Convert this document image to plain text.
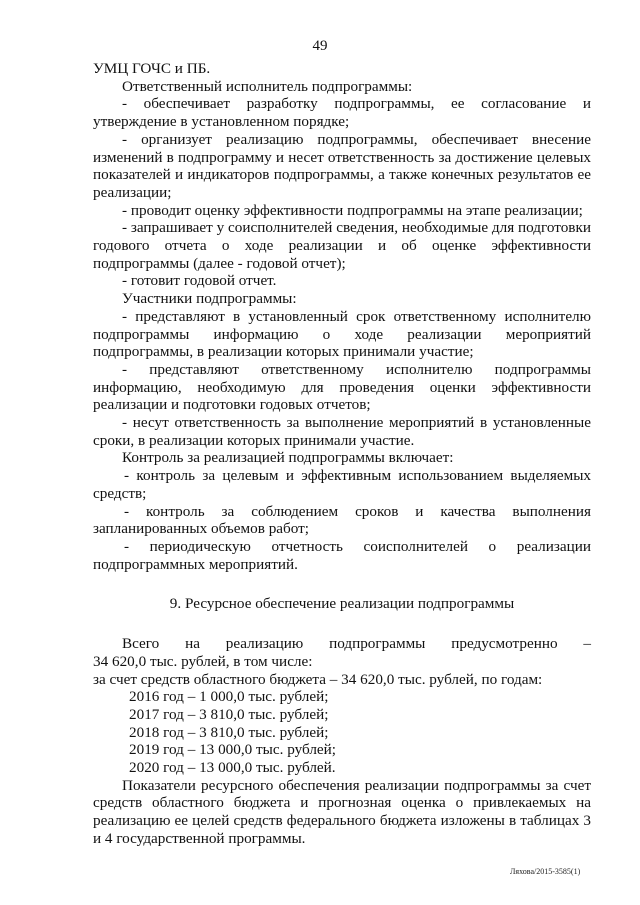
49

УМЦ ГОЧС и ПБ.

Ответственный исполнитель подпрограммы:

- обеспечивает разработку подпрограммы, ее согласование и утверждение в установленном порядке;

- организует реализацию подпрограммы, обеспечивает внесение изменений в подпрограмму и несет ответственность за достижение целевых показателей и индикаторов подпрограммы, а также конечных результатов ее реализации;

- проводит оценку эффективности подпрограммы на этапе реализации;

- запрашивает у соисполнителей сведения, необходимые для подготовки годового отчета о ходе реализации и об оценке эффективности подпрограммы (далее - годовой отчет);

- готовит годовой отчет.

Участники подпрограммы:

- представляют в установленный срок ответственному исполнителю подпрограммы информацию о ходе реализации мероприятий подпрограммы, в реализации которых принимали участие;

- представляют ответственному исполнителю подпрограммы информацию, необходимую для проведения оценки эффективности реализации и подготовки годовых отчетов;

- несут ответственность за выполнение мероприятий в установленные сроки, в реализации которых принимали участие.

Контроль за реализацией подпрограммы включает:

- контроль за целевым и эффективным использованием выделяемых средств;

- контроль за соблюдением сроков и качества выполнения запланированных объемов работ;

- периодическую отчетность соисполнителей о реализации подпрограммных мероприятий.

9. Ресурсное обеспечение реализации подпрограммы

Всего на реализацию подпрограммы предусмотренно –

34 620,0 тыс. рублей, в том числе:

за счет средств областного бюджета – 34 620,0 тыс. рублей, по годам:

2016 год – 1 000,0 тыс. рублей;

2017 год – 3 810,0 тыс. рублей;

2018 год – 3 810,0 тыс. рублей;

2019 год – 13 000,0 тыс. рублей;

2020 год – 13 000,0 тыс. рублей.

Показатели ресурсного обеспечения реализации подпрограммы за счет средств областного бюджета и прогнозная оценка о привлекаемых на реализацию ее целей средств федерального бюджета изложены в таблицах 3 и 4 государственной программы.

Ляхова/2015-3585(1)
